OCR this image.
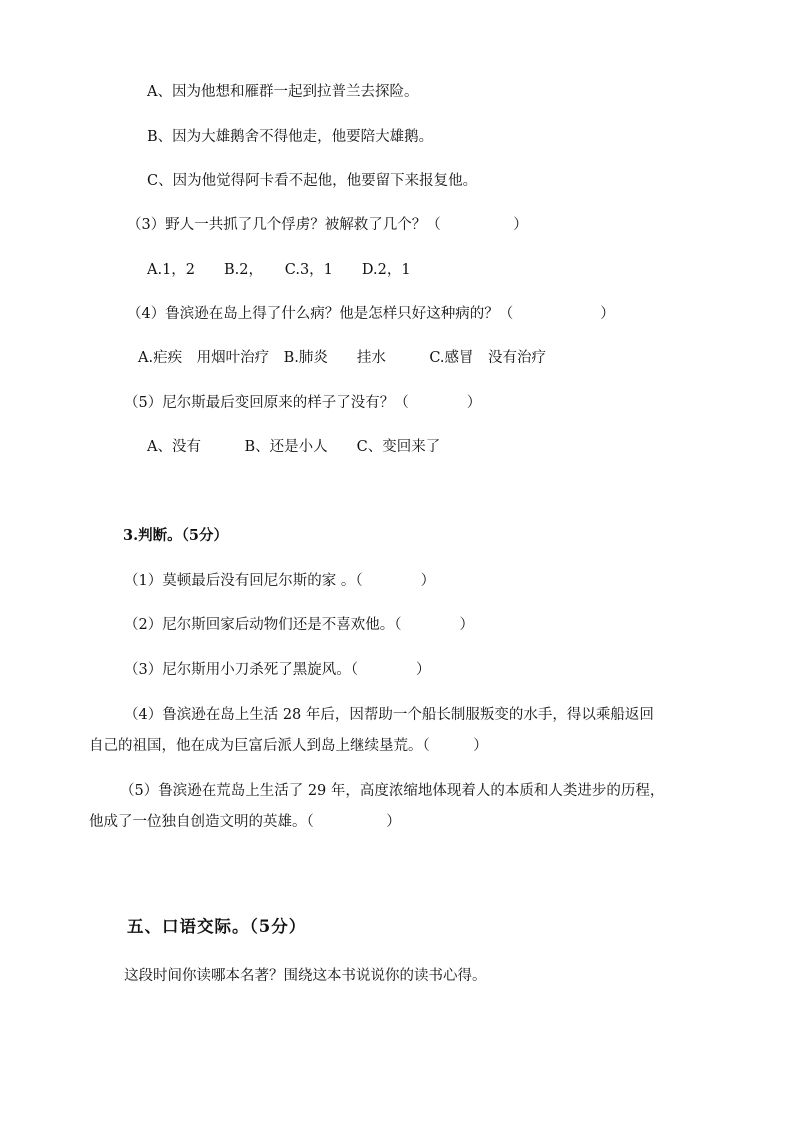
A、因为他想和雁群一起到拉普兰去探险。
B、因为大雄鹅舍不得他走，他要陪大雄鹅。
C、因为他觉得阿卡看不起他，他要留下来报复他。
（3）野人一共抓了几个俘虏？被解救了几个？（　　　　　）
A.1，2　　B.2，　　C.3，1　　D.2，1
（4）鲁滨逊在岛上得了什么病？他是怎样只好这种病的？（　　　　　　）
A.疟疾　用烟叶治疗　B.肺炎　　挂水　　　C.感冒　没有治疗
（5）尼尔斯最后变回原来的样子了没有？（　　　　）
A、没有　　　B、还是小人　　C、变回来了
3.判断。（5分）
（1）莫顿最后没有回尼尔斯的家 。（　　　　）
（2）尼尔斯回家后动物们还是不喜欢他。（　　　　）
（3）尼尔斯用小刀杀死了黑旋风。（　　　　）
（4）鲁滨逊在岛上生活 28 年后，因帮助一个船长制服叛变的水手，得以乘船返回
自己的祖国，他在成为巨富后派人到岛上继续垦荒。（　　　）
（5）鲁滨逊在荒岛上生活了 29 年，高度浓缩地体现着人的本质和人类进步的历程，
他成了一位独自创造文明的英雄。（　　　　　）
五、口语交际。（5分）
这段时间你读哪本名著？围绕这本书说说你的读书心得。
